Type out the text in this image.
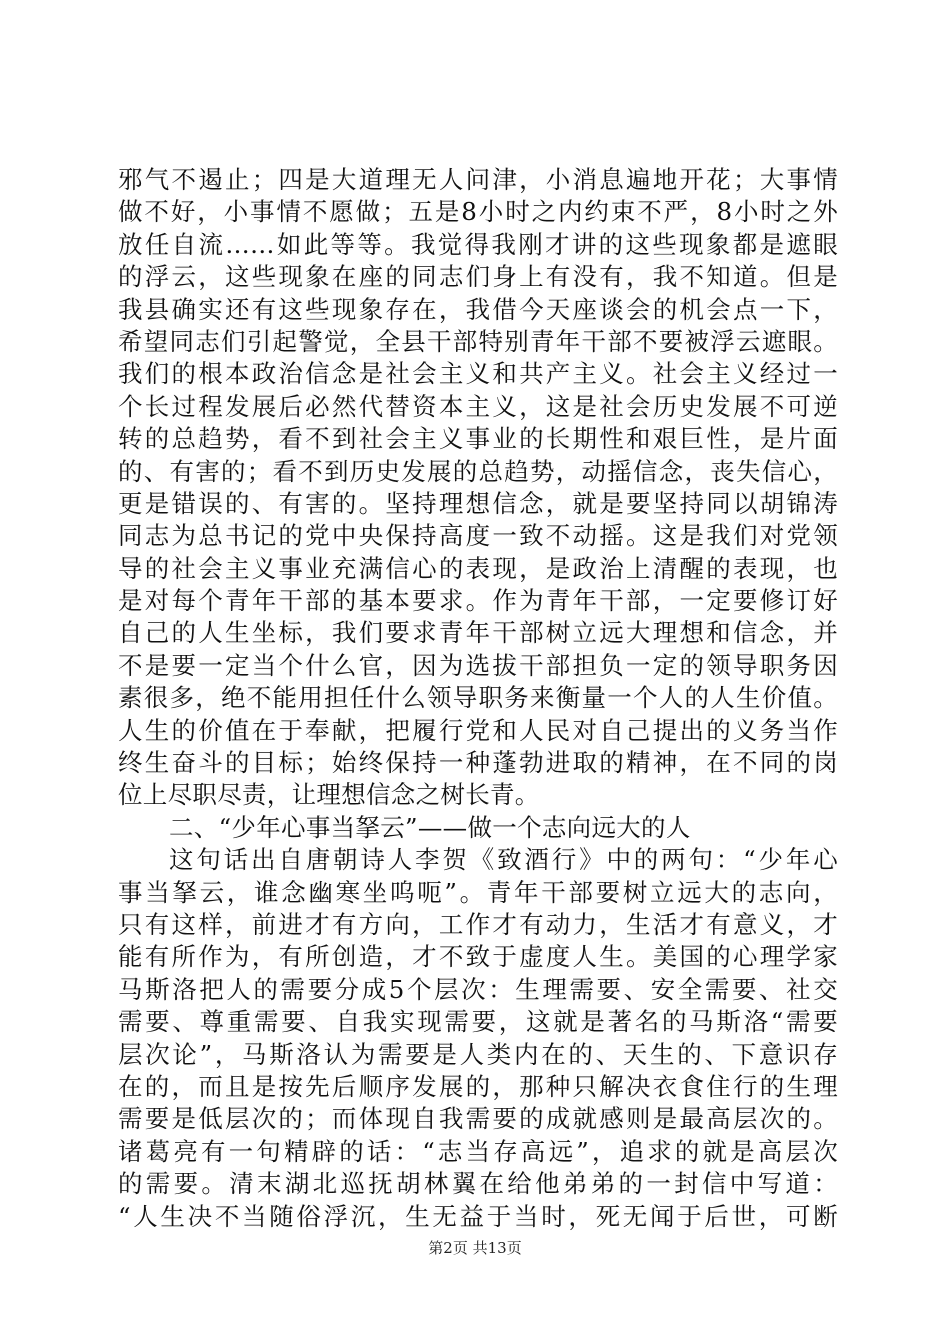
邪气不遏止；四是大道理无人问津，小消息遍地开花；大事情
做不好，小事情不愿做；五是8小时之内约束不严，8小时之外
放任自流……如此等等。我觉得我刚才讲的这些现象都是遮眼
的浮云，这些现象在座的同志们身上有没有，我不知道。但是
我县确实还有这些现象存在，我借今天座谈会的机会点一下，
希望同志们引起警觉，全县干部特别青年干部不要被浮云遮眼。
我们的根本政治信念是社会主义和共产主义。社会主义经过一
个长过程发展后必然代替资本主义，这是社会历史发展不可逆
转的总趋势，看不到社会主义事业的长期性和艰巨性，是片面
的、有害的；看不到历史发展的总趋势，动摇信念，丧失信心，
更是错误的、有害的。坚持理想信念，就是要坚持同以胡锦涛
同志为总书记的党中央保持高度一致不动摇。这是我们对党领
导的社会主义事业充满信心的表现，是政治上清醒的表现，也
是对每个青年干部的基本要求。作为青年干部，一定要修订好
自己的人生坐标，我们要求青年干部树立远大理想和信念，并
不是要一定当个什么官，因为选拔干部担负一定的领导职务因
素很多，绝不能用担任什么领导职务来衡量一个人的人生价值。
人生的价值在于奉献，把履行党和人民对自己提出的义务当作
终生奋斗的目标；始终保持一种蓬勃进取的精神，在不同的岗
位上尽职尽责，让理想信念之树长青。
二、“少年心事当拏云”——做一个志向远大的人
这句话出自唐朝诗人李贺《致酒行》中的两句：“少年心
事当拏云，谁念幽寒坐呜呃”。青年干部要树立远大的志向，
只有这样，前进才有方向，工作才有动力，生活才有意义，才
能有所作为，有所创造，才不致于虚度人生。美国的心理学家
马斯洛把人的需要分成5个层次：生理需要、安全需要、社交
需要、尊重需要、自我实现需要，这就是著名的马斯洛“需要
层次论”，马斯洛认为需要是人类内在的、天生的、下意识存
在的，而且是按先后顺序发展的，那种只解决衣食住行的生理
需要是低层次的；而体现自我需要的成就感则是最高层次的。
诸葛亮有一句精辟的话：“志当存高远”，追求的就是高层次
的需要。清末湖北巡抚胡林翼在给他弟弟的一封信中写道：
“人生决不当随俗浮沉，生无益于当时，死无闻于后世，可断
第2页 共13页
